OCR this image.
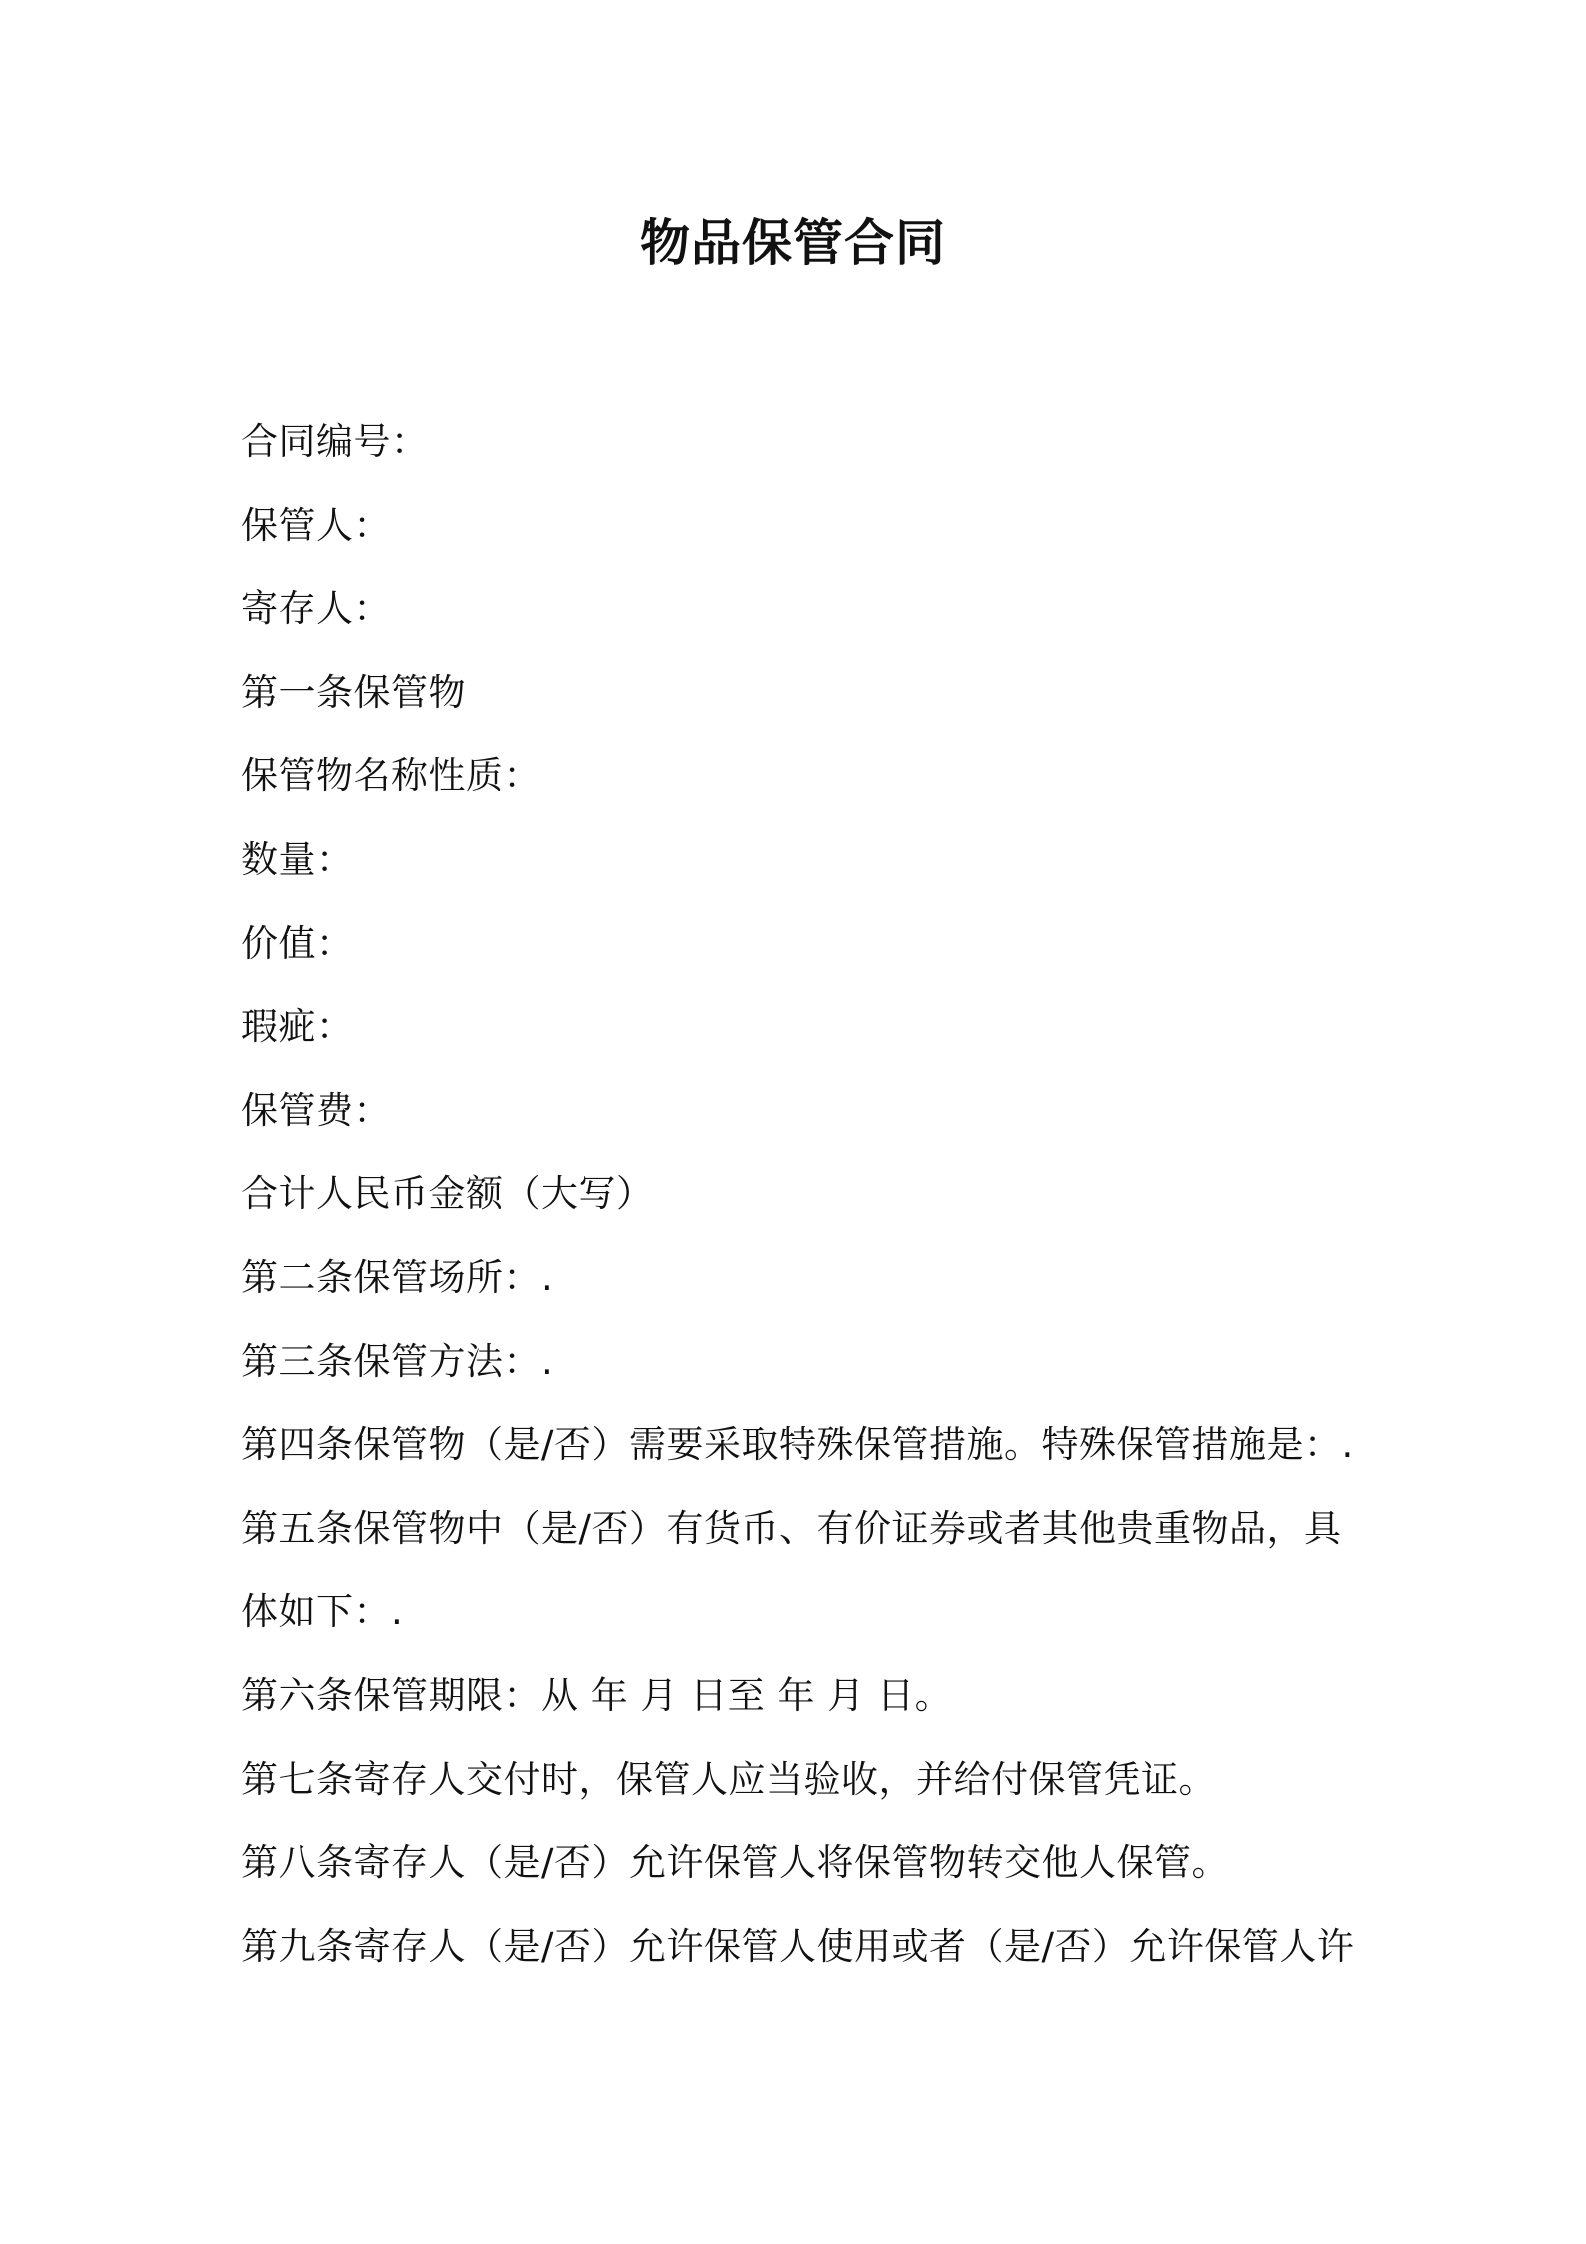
物品保管合同
合同编号：
保管人：
寄存人：
第一条保管物
保管物名称性质：
数量：
价值：
瑕疵：
保管费：
合计人民币金额（大写）
第二条保管场所：.
第三条保管方法：.
第四条保管物（是/否）需要采取特殊保管措施。特殊保管措施是：.
第五条保管物中（是/否）有货币、有价证券或者其他贵重物品，具
体如下：.
第六条保管期限：从 年 月 日至 年 月 日。
第七条寄存人交付时，保管人应当验收，并给付保管凭证。
第八条寄存人（是/否）允许保管人将保管物转交他人保管。
第九条寄存人（是/否）允许保管人使用或者（是/否）允许保管人许
